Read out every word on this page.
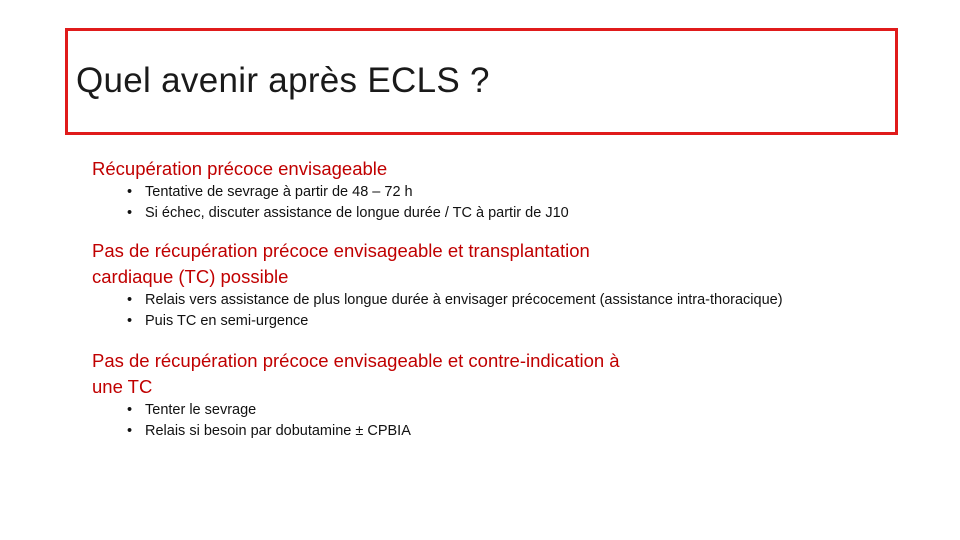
Quel avenir après ECLS ?

Récupération précoce envisageable

• Tentative de sevrage à partir de 48 – 72 h
• Si échec, discuter assistance de longue durée / TC à partir de J10

Pas de récupération précoce envisageable et transplantation
cardiaque (TC) possible

• Relais vers assistance de plus longue durée à envisager précocement (assistance intra-thoracique)
• Puis TC en semi-urgence

Pas de récupération précoce envisageable et contre-indication à
une TC

• Tenter le sevrage
• Relais si besoin par dobutamine ± CPBIA
